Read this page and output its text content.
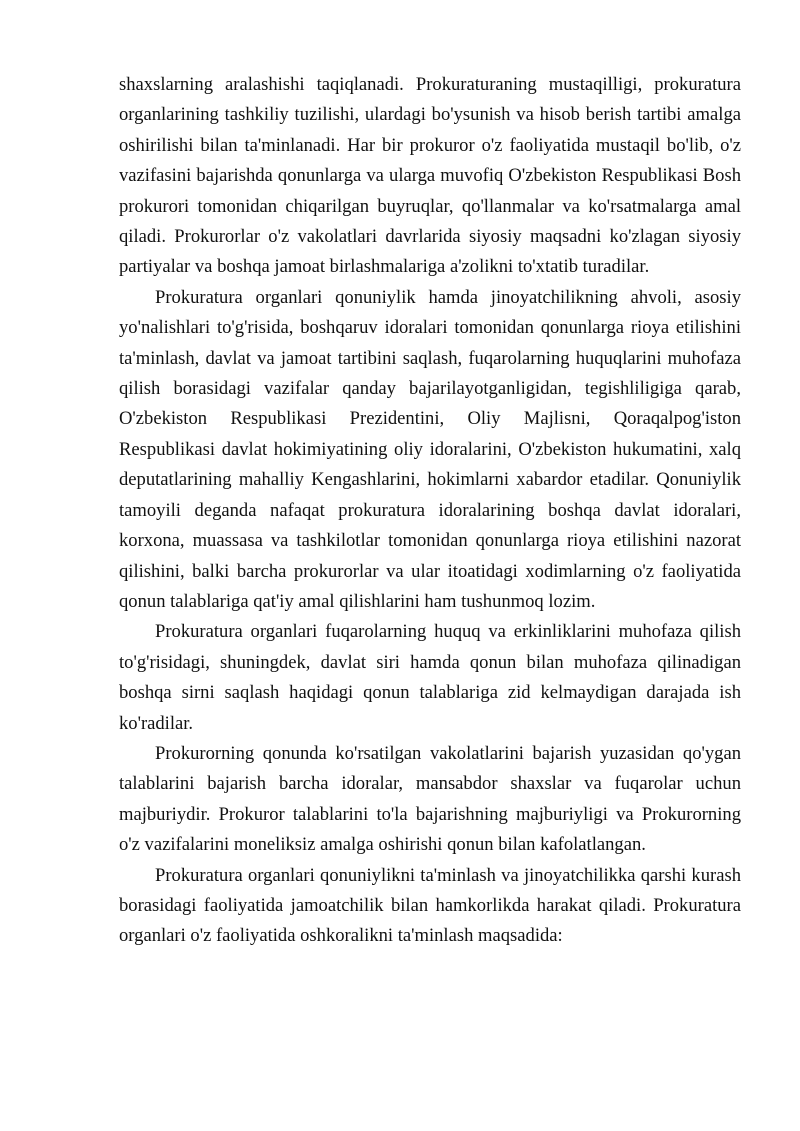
shaxslarning aralashishi taqiqlanadi. Prokuraturaning mustaqilligi, prokuratura organlarining tashkiliy tuzilishi, ulardagi bo'ysunish va hisob berish tartibi amalga oshirilishi bilan ta'minlanadi. Har bir prokuror o'z faoliyatida mustaqil bo'lib, o'z vazifasini bajarishda qonunlarga va ularga muvofiq O'zbekiston Respublikasi Bosh prokurori tomonidan chiqarilgan buyruqlar, qo'llanmalar va ko'rsatmalarga amal qiladi. Prokurorlar o'z vakolatlari davrlarida siyosiy maqsadni ko'zlagan siyosiy partiyalar va boshqa jamoat birlashmalariga a'zolikni to'xtatib turadilar.

Prokuratura organlari qonuniylik hamda jinoyatchilikning ahvoli, asosiy yo'nalishlari to'g'risida, boshqaruv idoralari tomonidan qonunlarga rioya etilishini ta'minlash, davlat va jamoat tartibini saqlash, fuqarolarning huquqlarini muhofaza qilish borasidagi vazifalar qanday bajarilayotganligidan, tegishliligiga qarab, O'zbekiston Respublikasi Prezidentini, Oliy Majlisni, Qoraqalpog'iston Respublikasi davlat hokimiyatining oliy idoralarini, O'zbekiston hukumatini, xalq deputatlarining mahalliy Kengashlarini, hokimlarni xabardor etadilar. Qonuniylik tamoyili deganda nafaqat prokuratura idoralarining boshqa davlat idoralari, korxona, muassasa va tashkilotlar tomonidan qonunlarga rioya etilishini nazorat qilishini, balki barcha prokurorlar va ular itoatidagi xodimlarning o'z faoliyatida qonun talablariga qat'iy amal qilishlarini ham tushunmoq lozim.

Prokuratura organlari fuqarolarning huquq va erkinliklarini muhofaza qilish to'g'risidagi, shuningdek, davlat siri hamda qonun bilan muhofaza qilinadigan boshqa sirni saqlash haqidagi qonun talablariga zid kelmaydigan darajada ish ko'radilar.

Prokurorning qonunda ko'rsatilgan vakolatlarini bajarish yuzasidan qo'ygan talablarini bajarish barcha idoralar, mansabdor shaxslar va fuqarolar uchun majburiydir. Prokuror talablarini to'la bajarishning majburiyligi va Prokurorning o'z vazifalarini moneliksiz amalga oshirishi qonun bilan kafolatlangan.

Prokuratura organlari qonuniylikni ta'minlash va jinoyatchilikka qarshi kurash borasidagi faoliyatida jamoatchilik bilan hamkorlikda harakat qiladi. Prokuratura organlari o'z faoliyatida oshkoralikni ta'minlash maqsadida:
